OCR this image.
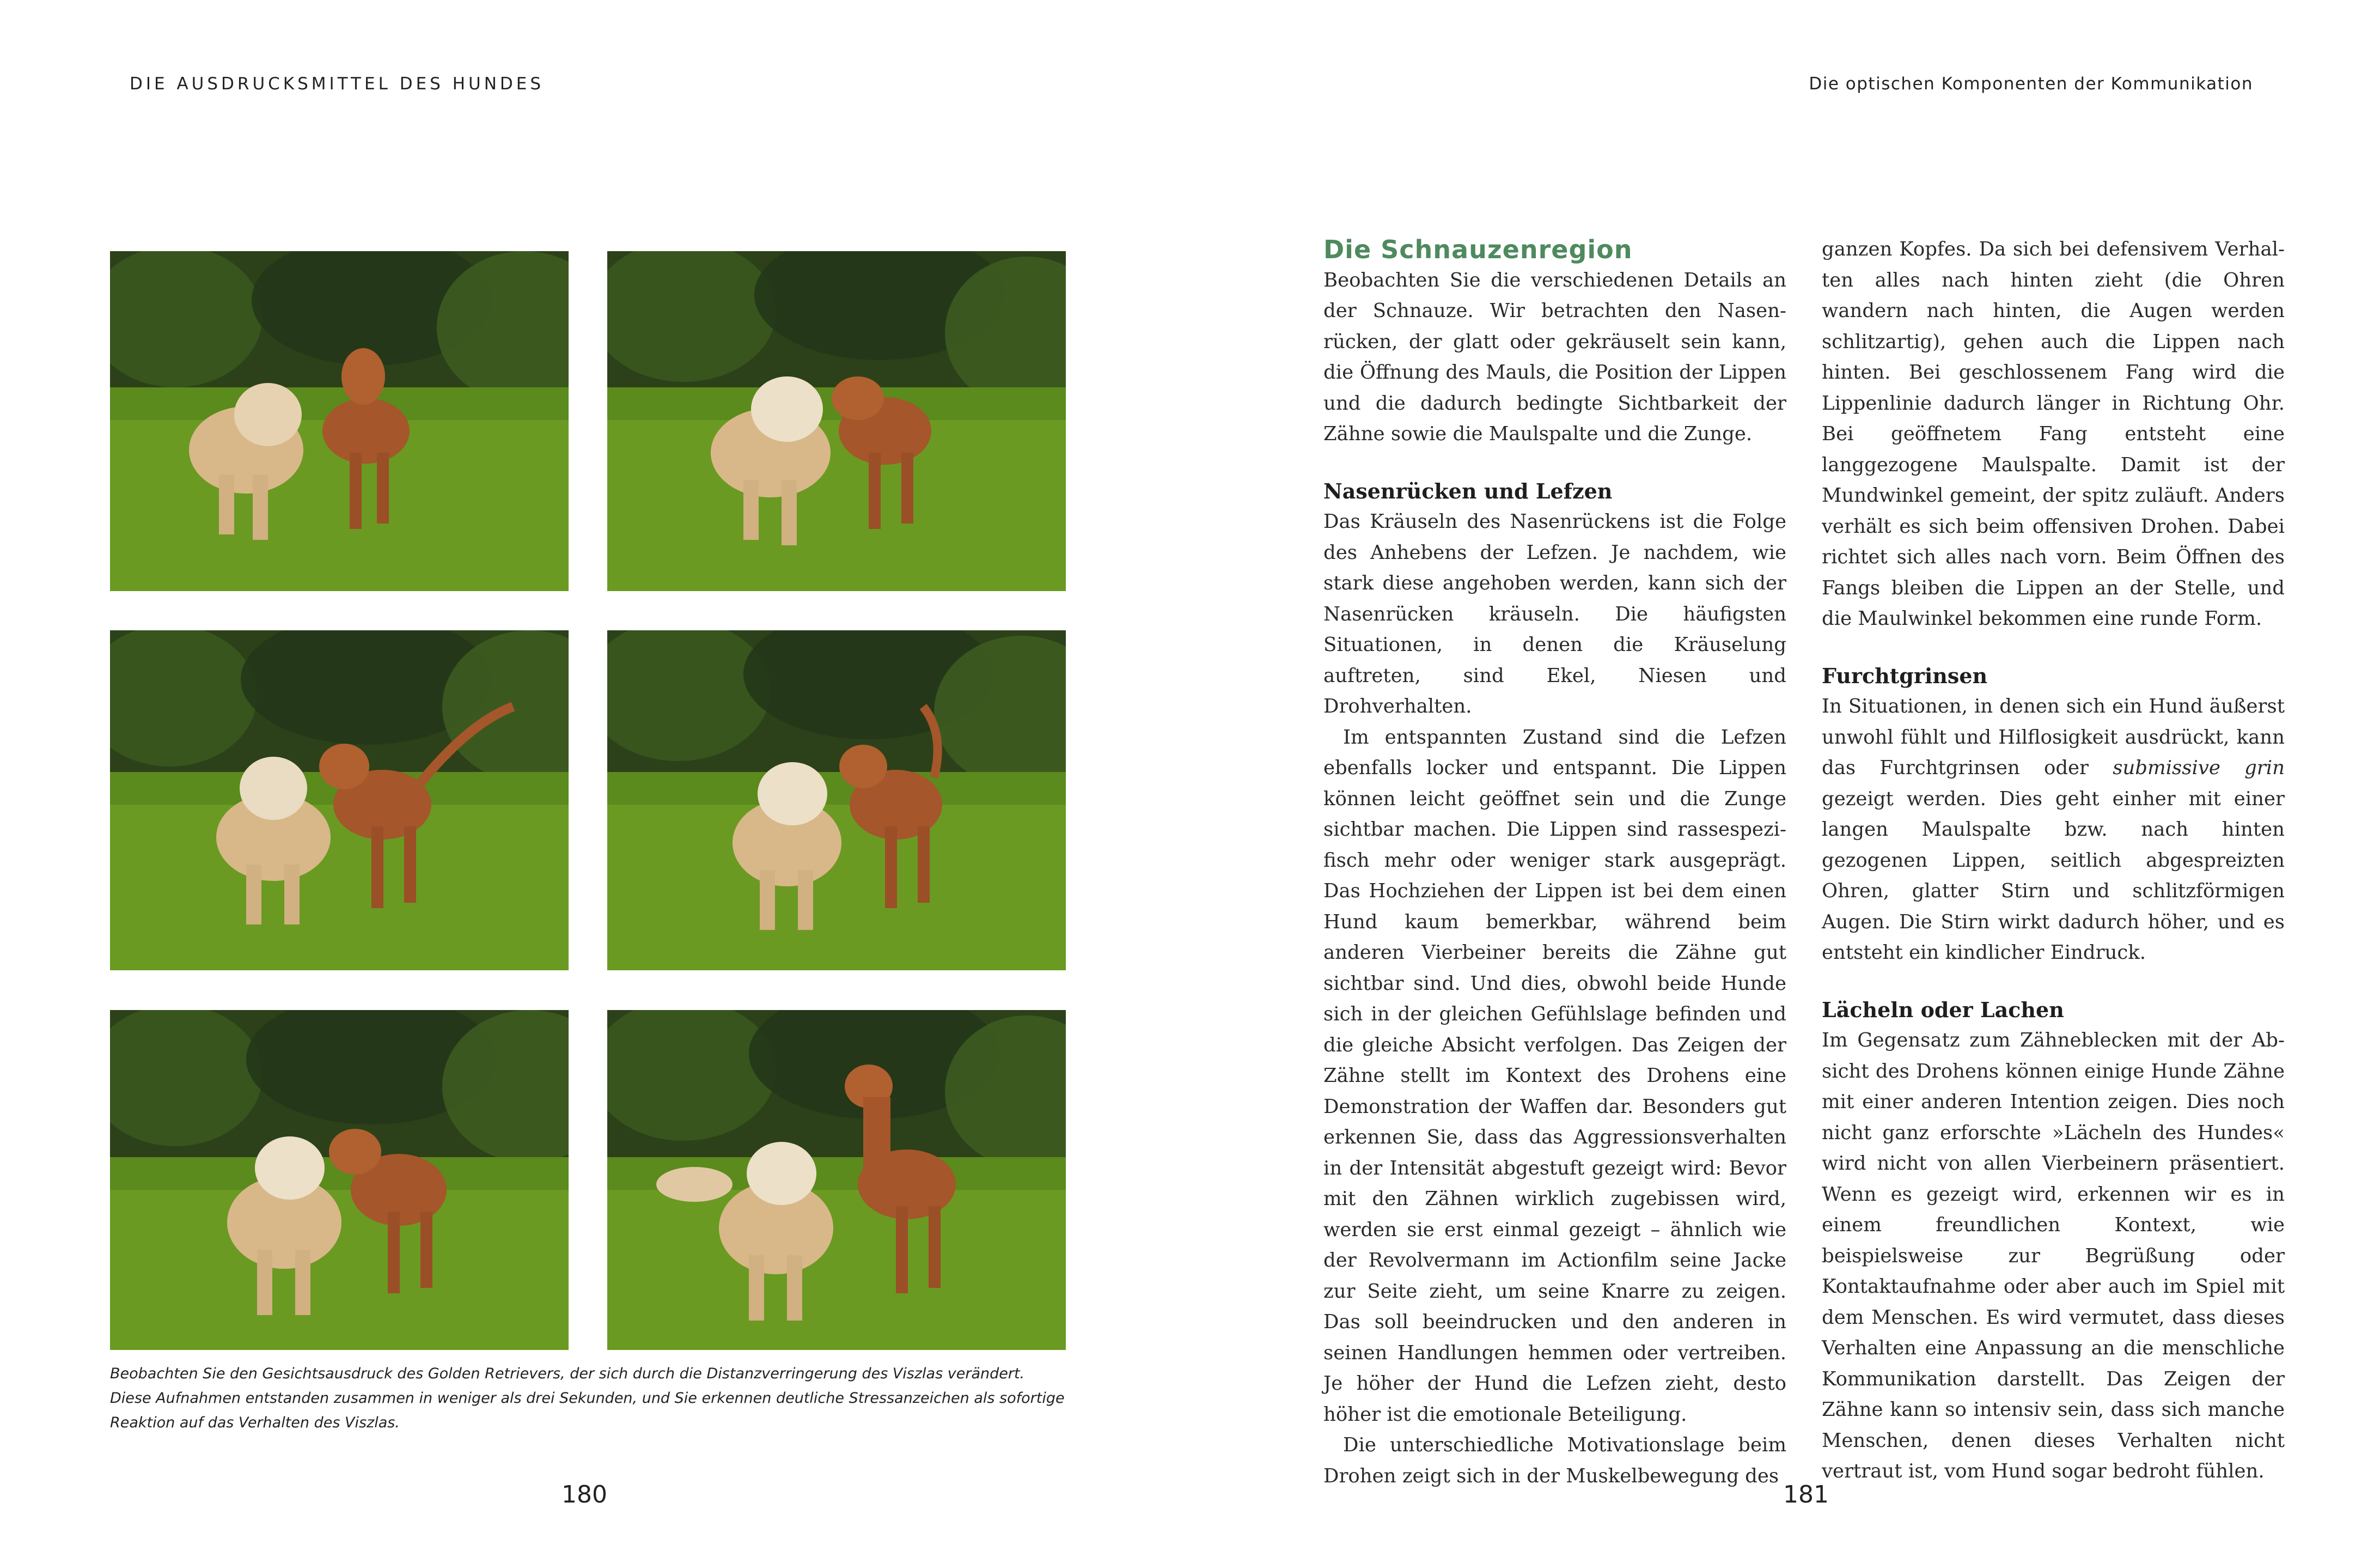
DIE AUSDRUCKSMITTEL DES HUNDES
Beobachten Sie den Gesichtsausdruck des Golden Retrievers, der sich durch die Distanzverringerung des Viszlas verändert. Diese Aufnahmen entstanden zusammen in weniger als drei Sekunden, und Sie erkennen deutliche Stressanzeichen als sofortige Reaktion auf das Verhalten des Viszlas.
180
Die optischen Komponenten der Kommunikation
Die Schnauzenregion

Beobachten Sie die verschiedenen Details an der Schnauze. Wir betrachten den Nasenrücken, der glatt oder gekräuselt sein kann, die Öffnung des Mauls, die Position der Lippen und die dadurch bedingte Sichtbarkeit der Zähne sowie die Maulspalte und die Zunge.

Nasenrücken und Lefzen

Das Kräuseln des Nasenrückens ist die Folge des Anhebens der Lefzen. Je nachdem, wie stark diese angehoben werden, kann sich der Nasenrücken kräuseln. Die häufigsten Situationen, in denen die Kräuselung auftreten, sind Ekel, Niesen und Drohverhalten.

Im entspannten Zustand sind die Lefzen ebenfalls locker und entspannt. Die Lippen können leicht geöffnet sein und die Zunge sichtbar machen. Die Lippen sind rassespezifisch mehr oder weniger stark ausgeprägt. Das Hochziehen der Lippen ist bei dem einen Hund kaum bemerkbar, während beim anderen Vierbeiner bereits die Zähne gut sichtbar sind. Und dies, obwohl beide Hunde sich in der gleichen Gefühlslage befinden und die gleiche Absicht verfolgen. Das Zeigen der Zähne stellt im Kontext des Drohens eine Demonstration der Waffen dar. Besonders gut erkennen Sie, dass das Aggressionsverhalten in der Intensität abgestuft gezeigt wird: Bevor mit den Zähnen wirklich zugebissen wird, werden sie erst einmal gezeigt – ähnlich wie der Revolvermann im Actionfilm seine Jacke zur Seite zieht, um seine Knarre zu zeigen. Das soll beeindrucken und den anderen in seinen Handlungen hemmen oder vertreiben. Je höher der Hund die Lefzen zieht, desto höher ist die emotionale Beteiligung.

Die unterschiedliche Motivationslage beim Drohen zeigt sich in der Muskelbewegung des

ganzen Kopfes. Da sich bei defensivem Verhalten alles nach hinten zieht (die Ohren wandern nach hinten, die Augen werden schlitzartig), gehen auch die Lippen nach hinten. Bei geschlossenem Fang wird die Lippenlinie dadurch länger in Richtung Ohr. Bei geöffnetem Fang entsteht eine langgezogene Maulspalte. Damit ist der Mundwinkel gemeint, der spitz zuläuft. Anders verhält es sich beim offensiven Drohen. Dabei richtet sich alles nach vorn. Beim Öffnen des Fangs bleiben die Lippen an der Stelle, und die Maulwinkel bekommen eine runde Form.

Furchtgrinsen

In Situationen, in denen sich ein Hund äußerst unwohl fühlt und Hilflosigkeit ausdrückt, kann das Furchtgrinsen oder submissive grin gezeigt werden. Dies geht einher mit einer langen Maulspalte bzw. nach hinten gezogenen Lippen, seitlich abgespreizten Ohren, glatter Stirn und schlitzförmigen Augen. Die Stirn wirkt dadurch höher, und es entsteht ein kindlicher Eindruck.

Lächeln oder Lachen

Im Gegensatz zum Zähneblecken mit der Absicht des Drohens können einige Hunde Zähne mit einer anderen Intention zeigen. Dies noch nicht ganz erforschte »Lächeln des Hundes« wird nicht von allen Vierbeinern präsentiert. Wenn es gezeigt wird, erkennen wir es in einem freundlichen Kontext, wie beispielsweise zur Begrüßung oder Kontaktaufnahme oder aber auch im Spiel mit dem Menschen. Es wird vermutet, dass dieses Verhalten eine Anpassung an die menschliche Kommunikation darstellt. Das Zeigen der Zähne kann so intensiv sein, dass sich manche Menschen, denen dieses Verhalten nicht vertraut ist, vom Hund sogar bedroht fühlen.

181
